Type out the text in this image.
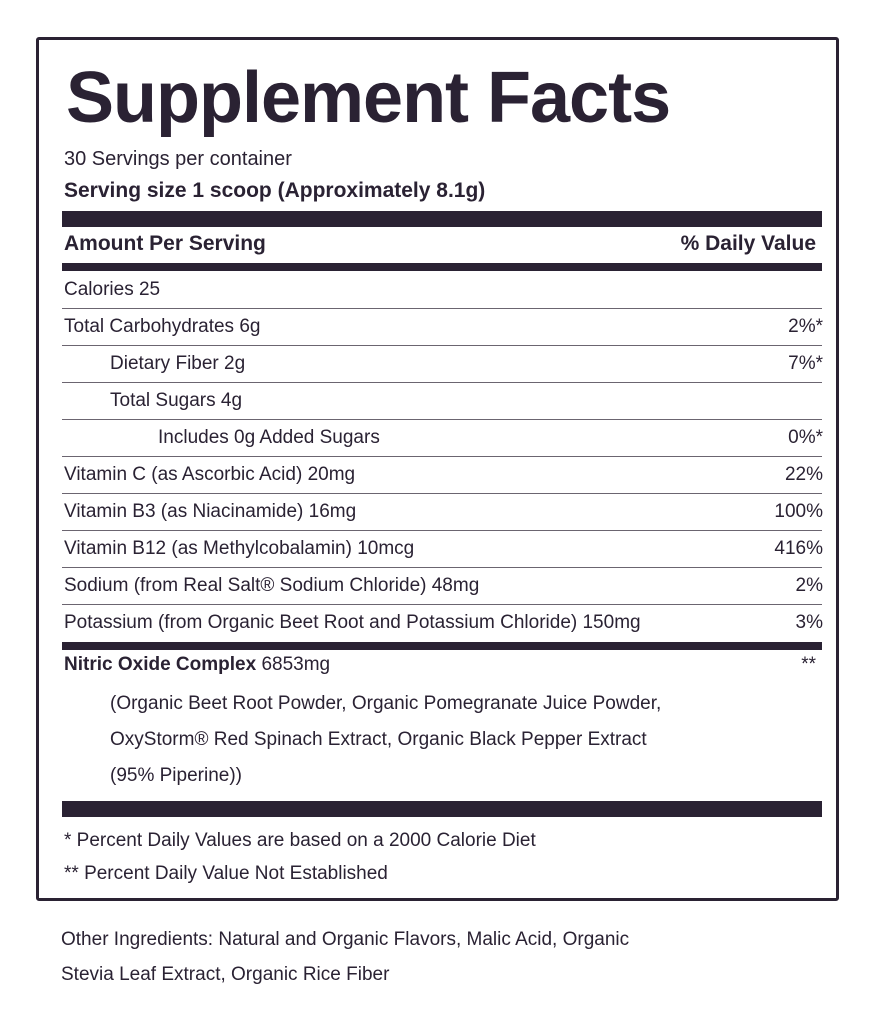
Supplement Facts
30 Servings per container
Serving size 1 scoop (Approximately 8.1g)
Amount Per Serving	% Daily Value
Calories 25
Total Carbohydrates 6g	2%*
Dietary Fiber 2g	7%*
Total Sugars 4g
Includes 0g Added Sugars	0%*
Vitamin C (as Ascorbic Acid) 20mg	22%
Vitamin B3 (as Niacinamide) 16mg	100%
Vitamin B12 (as Methylcobalamin) 10mcg	416%
Sodium (from Real Salt® Sodium Chloride) 48mg	2%
Potassium (from Organic Beet Root and Potassium Chloride) 150mg	3%
Nitric Oxide Complex 6853mg	**
(Organic Beet Root Powder, Organic Pomegranate Juice Powder,
OxyStorm® Red Spinach Extract, Organic Black Pepper Extract
(95% Piperine))
* Percent Daily Values are based on a 2000 Calorie Diet
** Percent Daily Value Not Established
Other Ingredients: Natural and Organic Flavors, Malic Acid, Organic
Stevia Leaf Extract, Organic Rice Fiber
